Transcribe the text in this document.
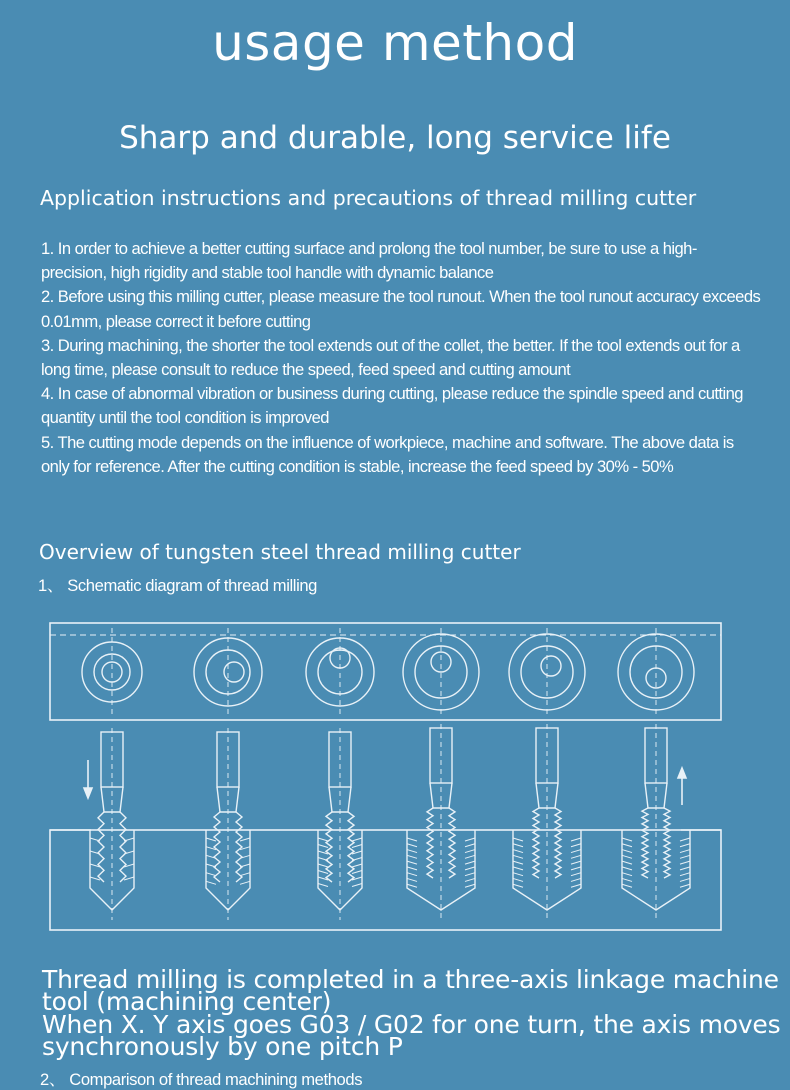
usage method
Sharp and durable, long service life
Application instructions and precautions of thread milling cutter

1. In order to achieve a better cutting surface and prolong the tool number, be sure to use a high-precision, high rigidity and stable tool handle with dynamic balance

2. Before using this milling cutter, please measure the tool runout. When the tool runout accuracy exceeds 0.01mm, please correct it before cutting

3. During machining, the shorter the tool extends out of the collet, the better. If the tool extends out for a long time, please consult to reduce the speed, feed speed and cutting amount

4. In case of abnormal vibration or business during cutting, please reduce the spindle speed and cutting quantity until the tool condition is improved

5. The cutting mode depends on the influence of workpiece, machine and software. The above data is only for reference. After the cutting condition is stable, increase the feed speed by 30% - 50%

Overview of tungsten steel thread milling cutter
1、 Schematic diagram of thread milling

Thread milling is completed in a three-axis linkage machine tool (machining center)

When X. Y axis goes G03 / G02 for one turn, the axis moves synchronously by one pitch P

2、 Comparison of thread machining methods
